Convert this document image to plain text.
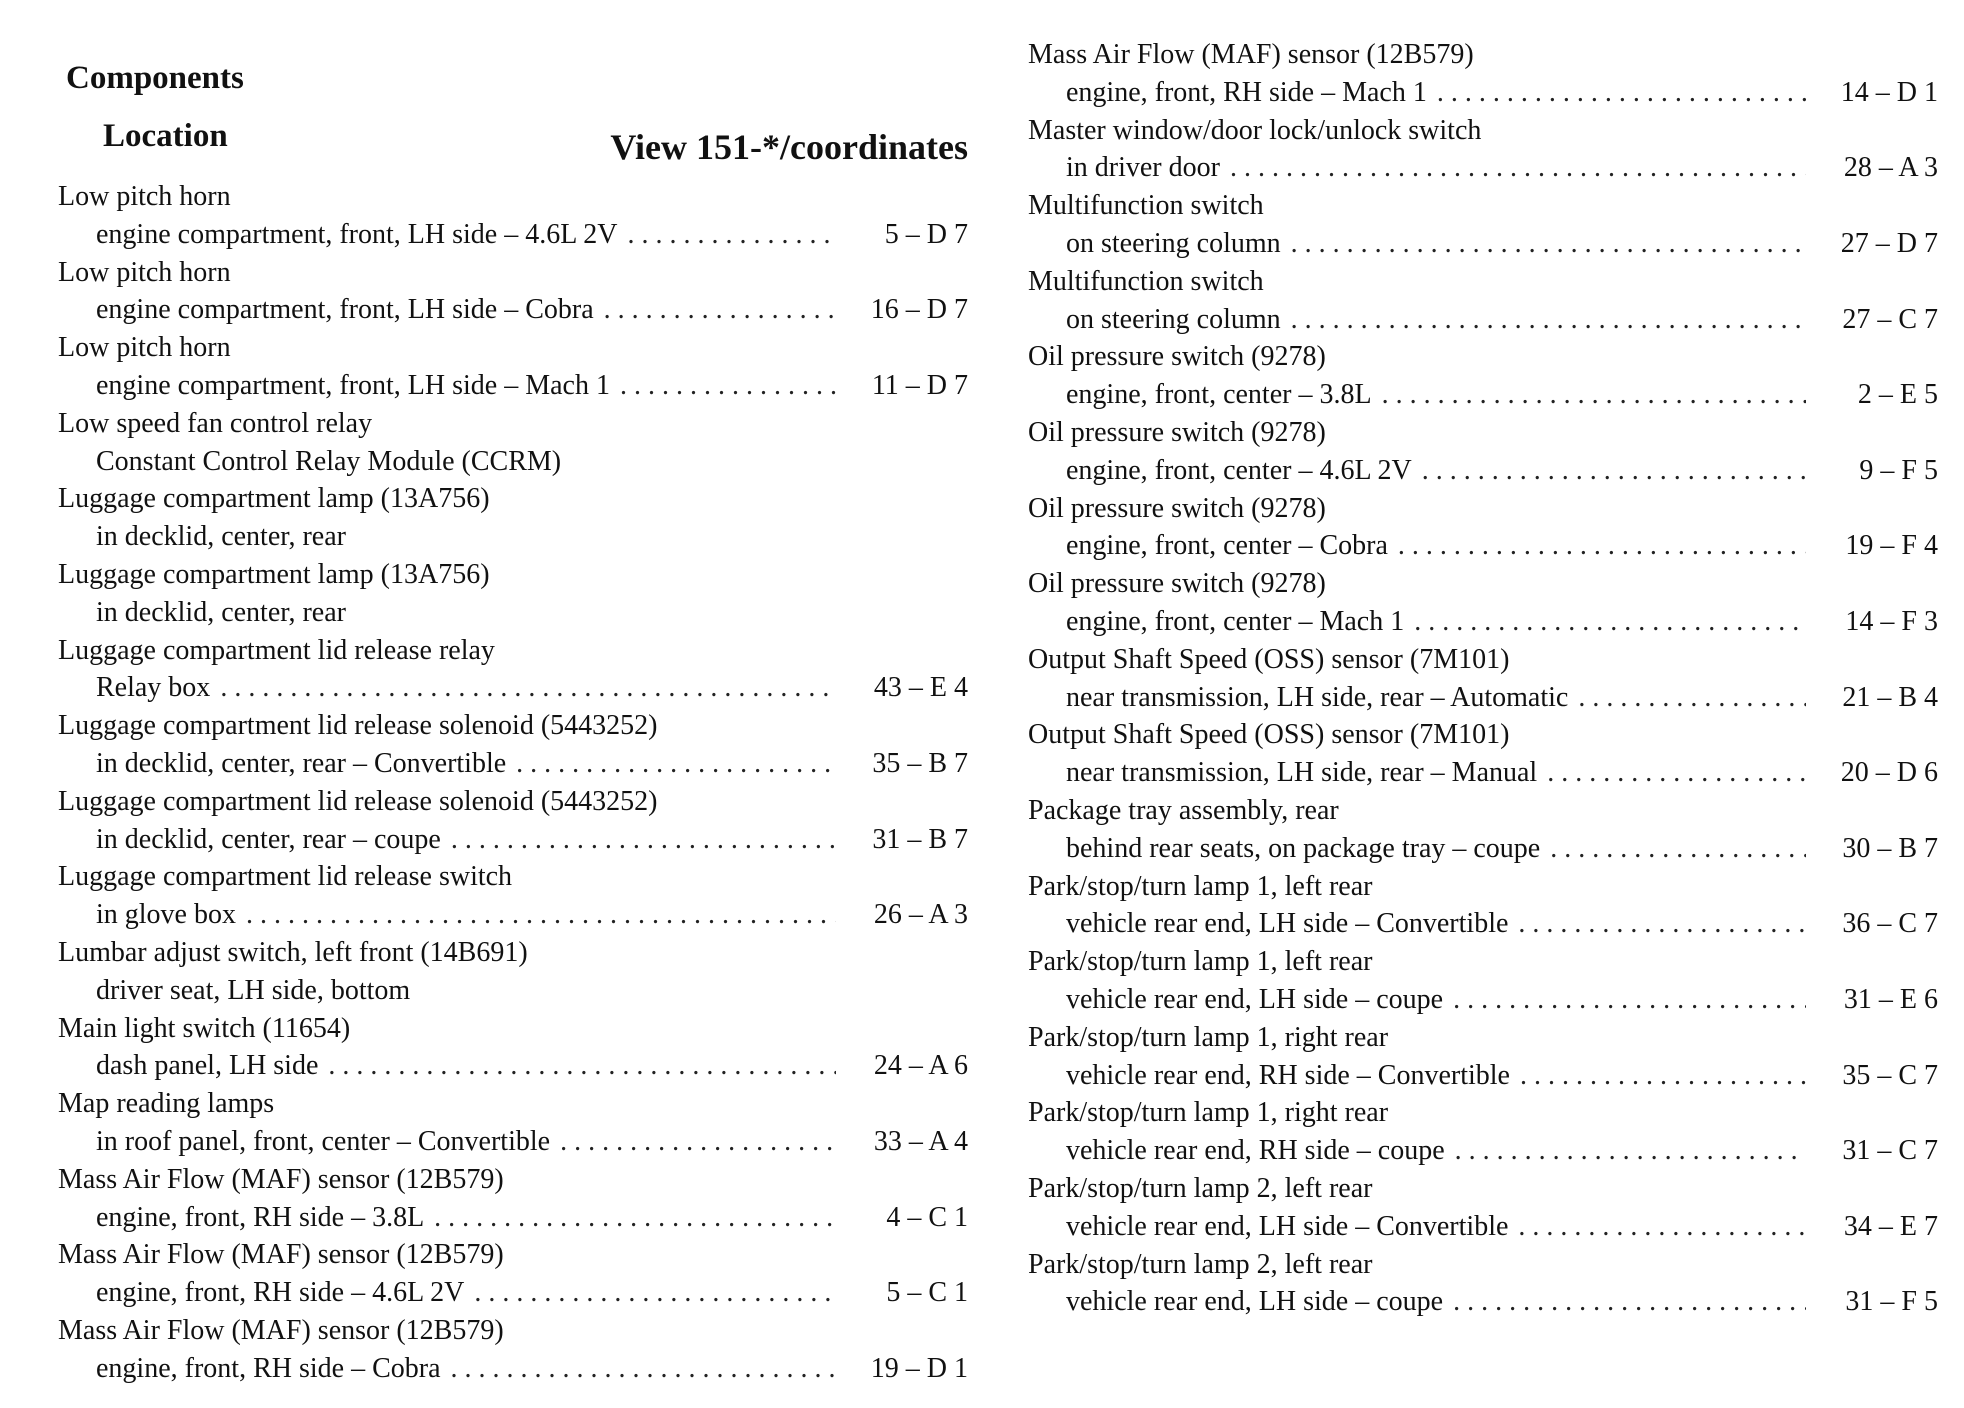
Components
Location	View 151-*/coordinates
Low pitch horn
engine compartment, front, LH side – 4.6L 2V . . .	5 – D 7
Low pitch horn
engine compartment, front, LH side – Cobra . . .	16 – D 7
Low pitch horn
engine compartment, front, LH side – Mach 1 . . .	11 – D 7
Low speed fan control relay
Constant Control Relay Module (CCRM)
Luggage compartment lamp (13A756)
in decklid, center, rear
Luggage compartment lamp (13A756)
in decklid, center, rear
Luggage compartment lid release relay
Relay box . . .	43 – E 4
Luggage compartment lid release solenoid (5443252)
in decklid, center, rear – Convertible . . .	35 – B 7
Luggage compartment lid release solenoid (5443252)
in decklid, center, rear – coupe . . .	31 – B 7
Luggage compartment lid release switch
in glove box . . .	26 – A 3
Lumbar adjust switch, left front (14B691)
driver seat, LH side, bottom
Main light switch (11654)
dash panel, LH side . . .	24 – A 6
Map reading lamps
in roof panel, front, center – Convertible . . .	33 – A 4
Mass Air Flow (MAF) sensor (12B579)
engine, front, RH side – 3.8L . . .	4 – C 1
Mass Air Flow (MAF) sensor (12B579)
engine, front, RH side – 4.6L 2V . . .	5 – C 1
Mass Air Flow (MAF) sensor (12B579)
engine, front, RH side – Cobra . . .	19 – D 1
Mass Air Flow (MAF) sensor (12B579)
engine, front, RH side – Mach 1 . . .	14 – D 1
Master window/door lock/unlock switch
in driver door . . .	28 – A 3
Multifunction switch
on steering column . . .	27 – D 7
Multifunction switch
on steering column . . .	27 – C 7
Oil pressure switch (9278)
engine, front, center – 3.8L . . .	2 – E 5
Oil pressure switch (9278)
engine, front, center – 4.6L 2V . . .	9 – F 5
Oil pressure switch (9278)
engine, front, center – Cobra . . .	19 – F 4
Oil pressure switch (9278)
engine, front, center – Mach 1 . . .	14 – F 3
Output Shaft Speed (OSS) sensor (7M101)
near transmission, LH side, rear – Automatic . . .	21 – B 4
Output Shaft Speed (OSS) sensor (7M101)
near transmission, LH side, rear – Manual . . .	20 – D 6
Package tray assembly, rear
behind rear seats, on package tray – coupe . . .	30 – B 7
Park/stop/turn lamp 1, left rear
vehicle rear end, LH side – Convertible . . .	36 – C 7
Park/stop/turn lamp 1, left rear
vehicle rear end, LH side – coupe . . .	31 – E 6
Park/stop/turn lamp 1, right rear
vehicle rear end, RH side – Convertible . . .	35 – C 7
Park/stop/turn lamp 1, right rear
vehicle rear end, RH side – coupe . . .	31 – C 7
Park/stop/turn lamp 2, left rear
vehicle rear end, LH side – Convertible . . .	34 – E 7
Park/stop/turn lamp 2, left rear
vehicle rear end, LH side – coupe . . .	31 – F 5
